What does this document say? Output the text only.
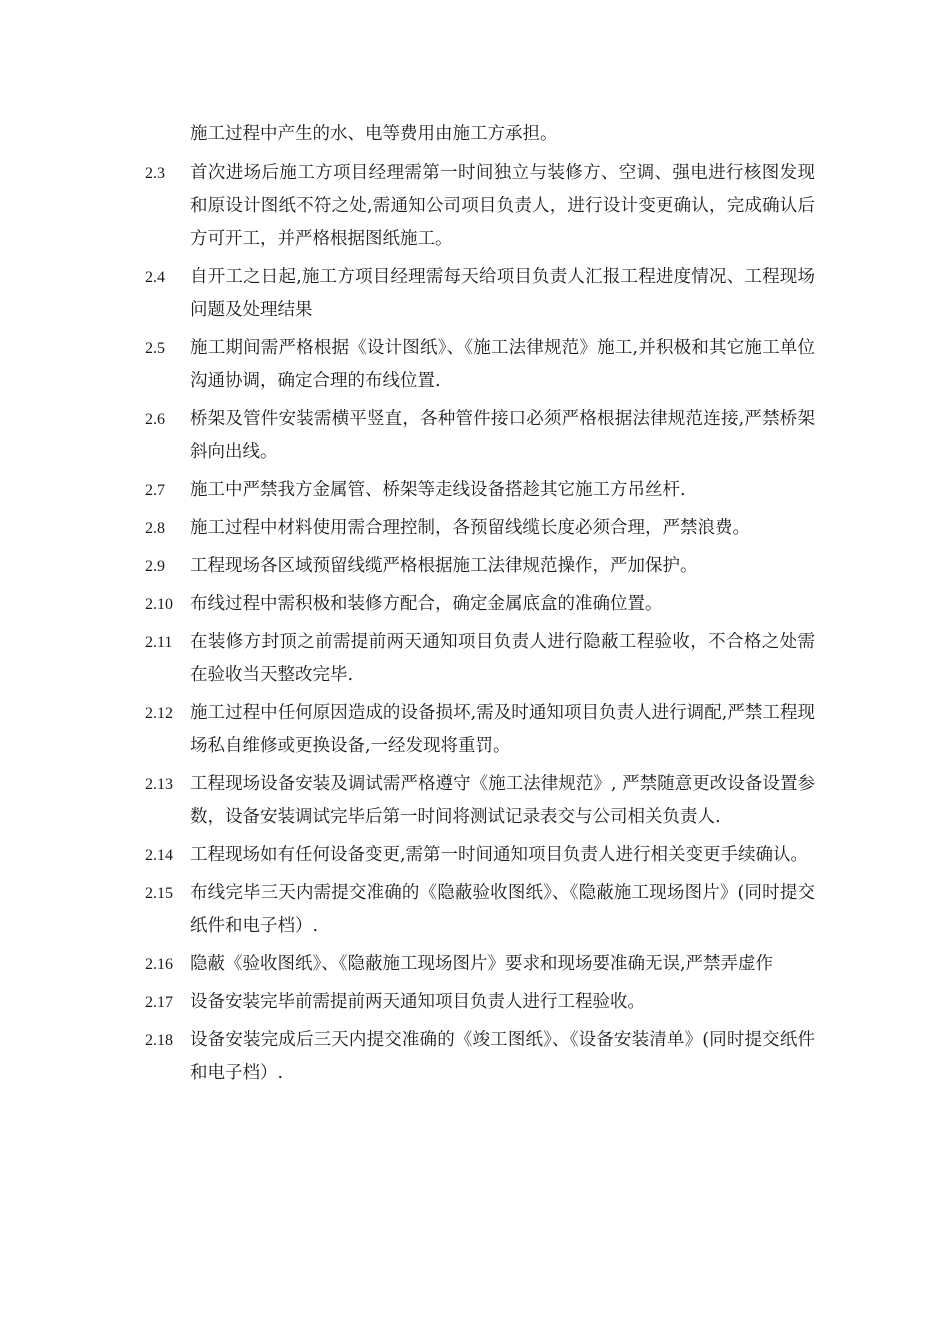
施工过程中产生的水、电等费用由施工方承担。
2.3	首次进场后施工方项目经理需第一时间独立与装修方、空调、强电进行核图发现和原设计图纸不符之处,需通知公司项目负责人，进行设计变更确认，完成确认后方可开工，并严格根据图纸施工。
2.4	自开工之日起,施工方项目经理需每天给项目负责人汇报工程进度情况、工程现场问题及处理结果
2.5	施工期间需严格根据《设计图纸》、《施工法律规范》施工,并积极和其它施工单位沟通协调，确定合理的布线位置.
2.6	桥架及管件安装需横平竖直，各种管件接口必须严格根据法律规范连接,严禁桥架斜向出线。
2.7	施工中严禁我方金属管、桥架等走线设备搭趁其它施工方吊丝杆.
2.8	施工过程中材料使用需合理控制，各预留线缆长度必须合理，严禁浪费。
2.9	工程现场各区域预留线缆严格根据施工法律规范操作，严加保护。
2.10 布线过程中需积极和装修方配合，确定金属底盒的准确位置。
2.11	在装修方封顶之前需提前两天通知项目负责人进行隐蔽工程验收，不合格之处需在验收当天整改完毕.
2.12 施工过程中任何原因造成的设备损坏,需及时通知项目负责人进行调配,严禁工程现场私自维修或更换设备,一经发现将重罚。
2.13 工程现场设备安装及调试需严格遵守《施工法律规范》, 严禁随意更改设备设置参数，设备安装调试完毕后第一时间将测试记录表交与公司相关负责人.
2.14 工程现场如有任何设备变更,需第一时间通知项目负责人进行相关变更手续确认。
2.15 布线完毕三天内需提交准确的《隐蔽验收图纸》、《隐蔽施工现场图片》(同时提交纸件和电子档）.
2.16 隐蔽《验收图纸》、《隐蔽施工现场图片》要求和现场要准确无误,严禁弄虚作
2.17 设备安装完毕前需提前两天通知项目负责人进行工程验收。
2.18 设备安装完成后三天内提交准确的《竣工图纸》、《设备安装清单》(同时提交纸件和电子档）.
